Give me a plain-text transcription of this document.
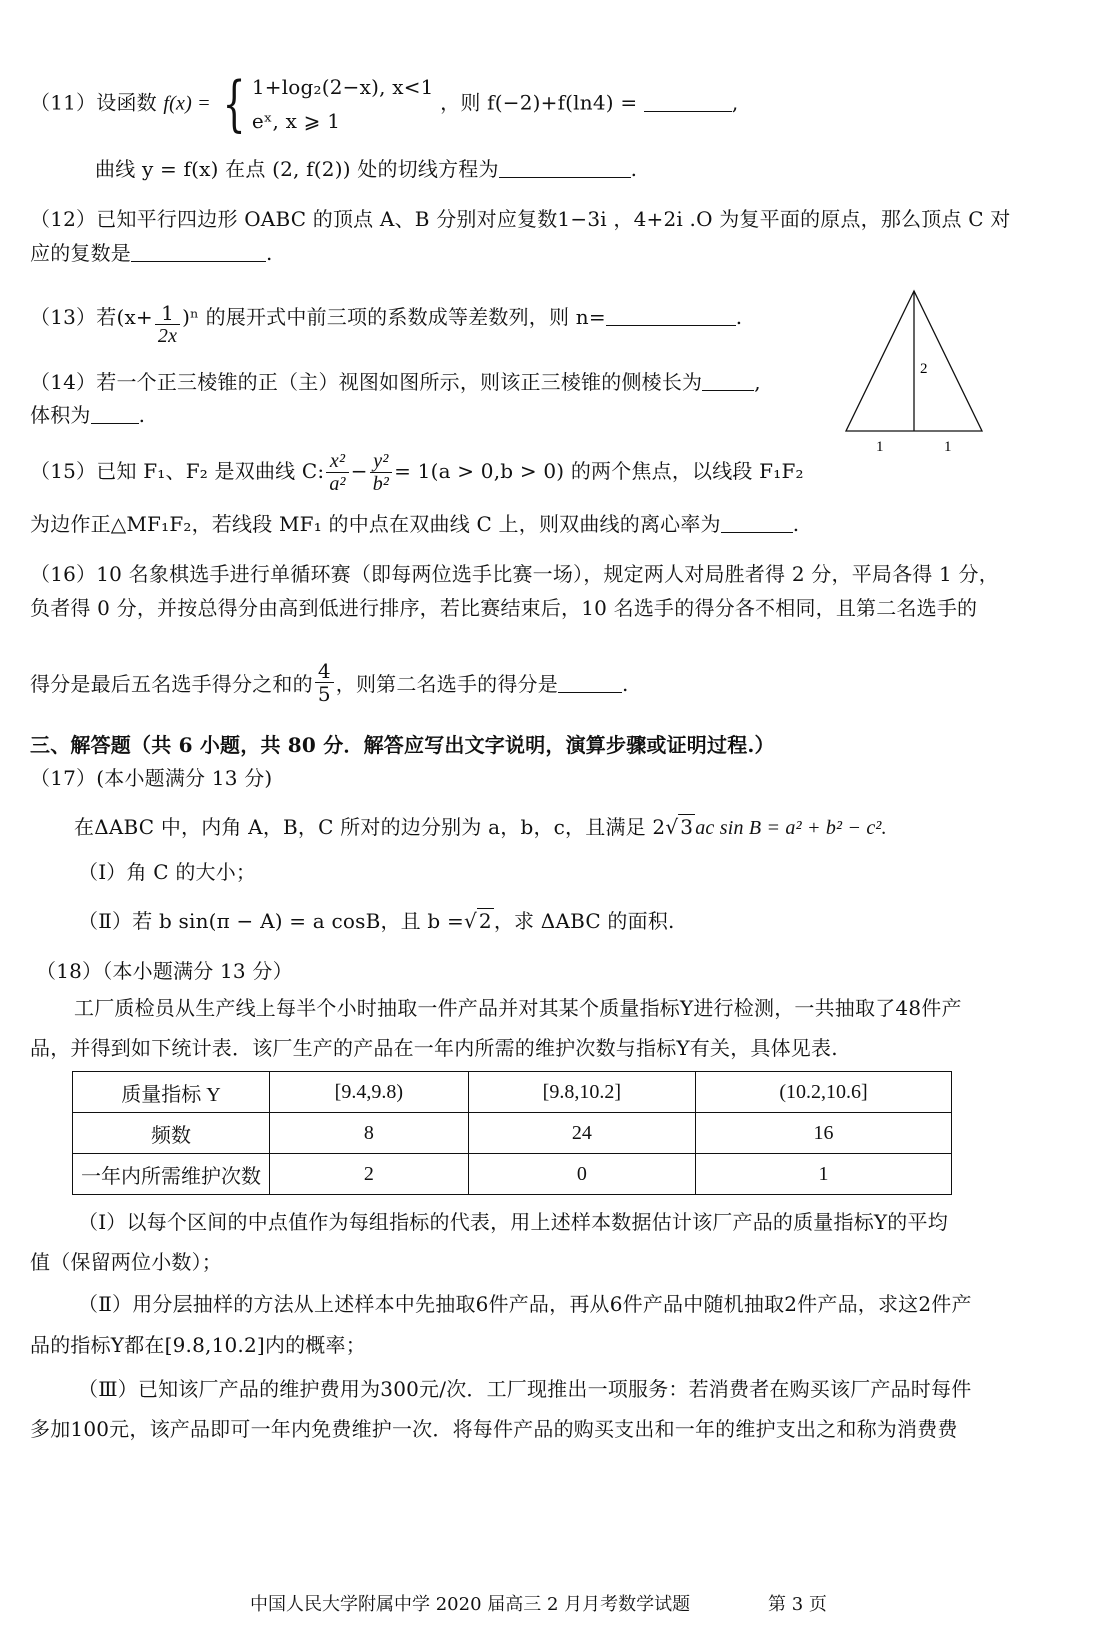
（11）设函数 f(x) = { 1+log₂(2−x), x<1
eˣ, x ⩾ 1
，则 f(−2)+f(ln4) =	,
曲线 y = f(x) 在点 (2, f(2)) 处的切线方程为	.
（12）已知平行四边形 OABC 的顶点 A、B 分别对应复数1−3i ，4+2i .O 为复平面的原点，那么顶点 C 对
应的复数是	.
（13）若$(x+ \frac{1}{2x} )^n$ 的展开式中前三项的系数成等差数列，则 n=	.
（14）若一个正三棱锥的正（主）视图如图所示，则该正三棱锥的侧棱长为	,
体积为 .
2
1	1
（15）已知 F₁、F₂ 是双曲线 C: $\frac{\text{x²}}{\text{a²}} - \frac{\text{y²}}{\text{b²}} = 1(a > 0,b > 0)$ 的两个焦点，以线段 F₁F₂
为边作正△MF₁F₂，若线段 MF₁ 的中点在双曲线 C 上，则双曲线的离心率为	.
（16）10 名象棋选手进行单循环赛（即每两位选手比赛一场），规定两人对局胜者得 2 分，平局各得 1 分，
负者得 0 分，并按总得分由高到低进行排序，若比赛结束后，10 名选手的得分各不相同，且第二名选手的
得分是最后五名选手得分之和的 $\frac{4}{5}$ ，则第二名选手的得分是	.
三、解答题（共 6 小题，共 80 分．解答应写出文字说明，演算步骤或证明过程.）
（17）(本小题满分 13 分)
在ΔABC 中，内角 A，B，C 所对的边分别为 a，b，c，且满足 2√ 3 ac sin B = a² + b² − c².
（Ⅰ）角 C 的大小；
（Ⅱ）若 b sin(π − A) = a cosB，且 b =√ 2 ，求 ΔABC 的面积.
（18）（本小题满分 13 分）
工厂质检员从生产线上每半个小时抽取一件产品并对其某个质量指标Y进行检测，一共抽取了48件产
品，并得到如下统计表．该厂生产的产品在一年内所需的维护次数与指标Y有关，具体见表.
质量指标 Y	[9.4,9.8)	[9.8,10.2]	(10.2,10.6]
频数	8	24	16
一年内所需维护次数	2	0	1
（Ⅰ）以每个区间的中点值作为每组指标的代表，用上述样本数据估计该厂产品的质量指标Y的平均
值（保留两位小数）；
（Ⅱ）用分层抽样的方法从上述样本中先抽取6件产品，再从6件产品中随机抽取2件产品，求这2件产
品的指标Y都在[9.8,10.2]内的概率；
（Ⅲ）已知该厂产品的维护费用为300元/次．工厂现推出一项服务：若消费者在购买该厂产品时每件
多加100元，该产品即可一年内免费维护一次．将每件产品的购买支出和一年的维护支出之和称为消费费
中国人民大学附属中学 2020 届高三 2 月月考数学试题	第 3 页
